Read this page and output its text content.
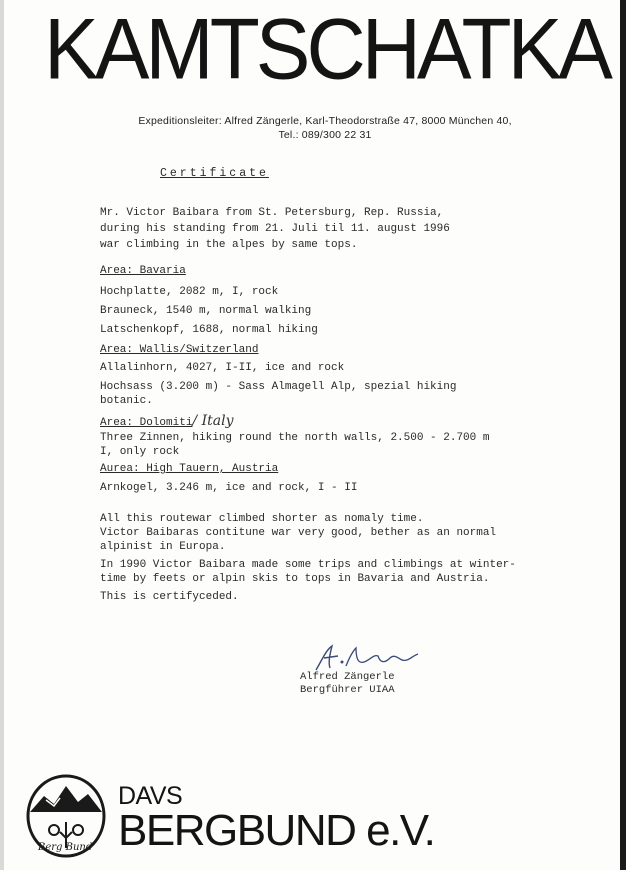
KAMTSCHATKA
Expeditionsleiter: Alfred Zängerle, Karl-Theodorstraße 47, 8000 München 40,
Tel.: 089/300 22 31
Certificate
Mr. Victor Baibara from St. Petersburg, Rep. Russia,
during his standing from 21. Juli til 11. august 1996
war climbing in the alpes by same tops.
Area: Bavaria
Hochplatte, 2082 m, I, rock
Brauneck, 1540 m, normal walking
Latschenkopf, 1688, normal hiking
Area: Wallis/Switzerland
Allalinhorn, 4027, I-II, ice and rock
Hochsass (3.200 m) - Sass Almagell Alp, spezial hiking
botanic.
Area: Dolomiti/ Italy
Three Zinnen, hiking round the north walls, 2.500 - 2.700 m
I, only rock
Aurea: High Tauern, Austria
Arnkogel, 3.246 m, ice and rock, I - II
All this routewar climbed shorter as nomaly time.
Victor Baibaras contitune war very good, bether as an normal
alpinist in Europa.
In 1990 Victor Baibara made some trips and climbings at winter-
time by feets or alpin skis to tops in Bavaria and Austria.
This is certifyceded.
Alfred Zängerle
Bergführer UIAA
Berg Bund
DAVS
BERGBUND e.V.
